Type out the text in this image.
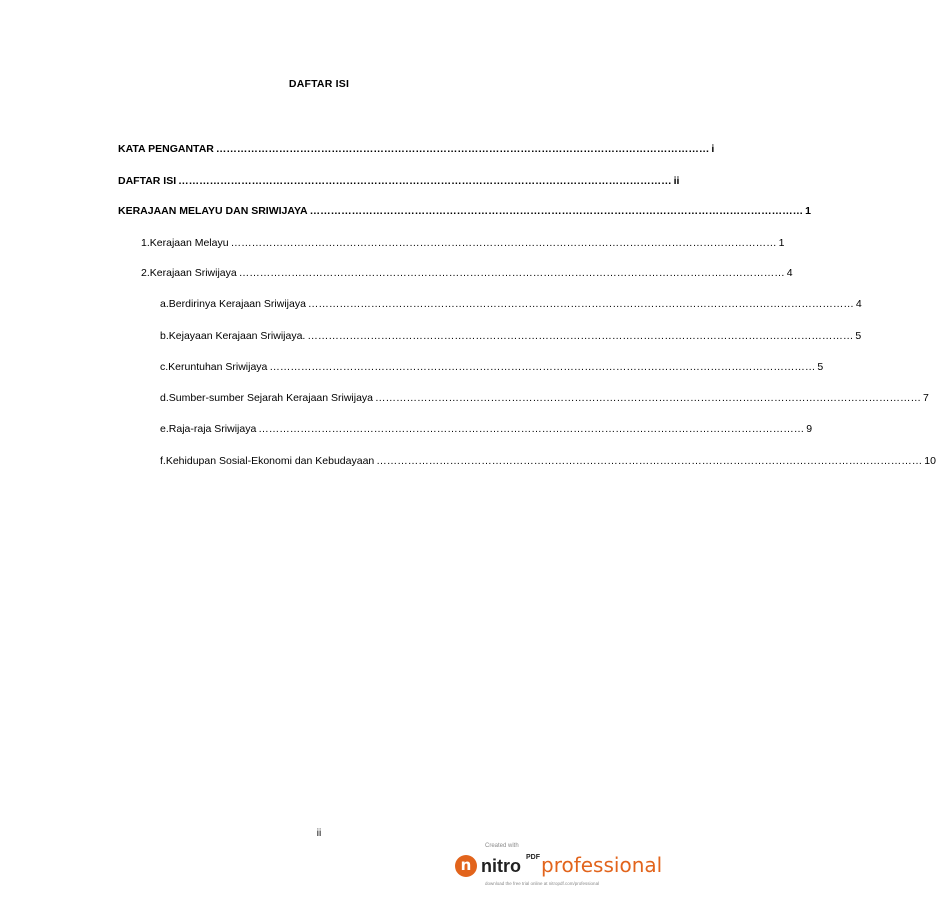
DAFTAR ISI
KATA PENGANTAR …………………………………………………………………………………………………………………………… i
DAFTAR ISI …………………………………………………………………………………………………………………………… ii
KERAJAAN MELAYU DAN SRIWIJAYA …………………………………………………………………………………………………………………………… 1
1. Kerajaan Melayu ………………………………………………………………………………………………………………………………………… 1
2. Kerajaan Sriwijaya ………………………………………………………………………………………………………………………………………… 4
a. Berdirinya Kerajaan Sriwijaya ………………………………………………………………………………………………………………………………………… 4
b. Kejayaan Kerajaan Sriwijaya. ………………………………………………………………………………………………………………………………………… 5
c. Keruntuhan Sriwijaya ………………………………………………………………………………………………………………………………………… 5
d. Sumber-sumber Sejarah Kerajaan Sriwijaya ………………………………………………………………………………………………………………………………………… 7
e. Raja-raja Sriwijaya ………………………………………………………………………………………………………………………………………… 9
f. Kehidupan Sosial-Ekonomi dan Kebudayaan ………………………………………………………………………………………………………………………………………… 10
ii
Created with
n nitro PDF professional
download the free trial online at nitropdf.com/professional
